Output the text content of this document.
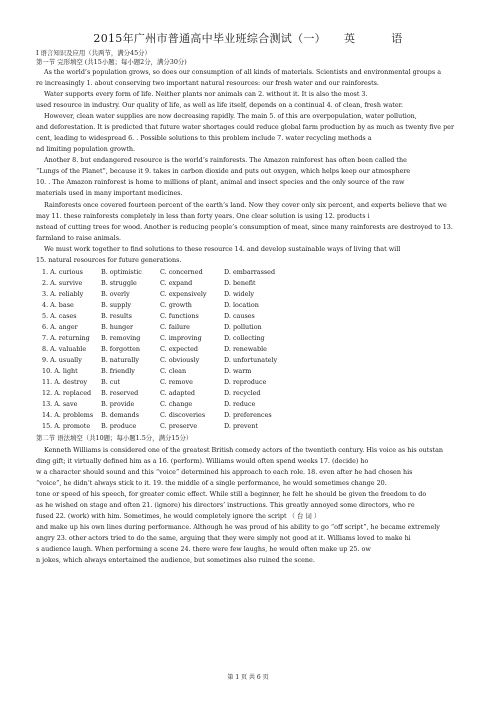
2015年广州市普通高中毕业班综合测试（一） 英	语
I 语言知识及应用（共两节，满分45分）
第一节 完形填空 (共15小题；每小题2分，满分30分)
As the world’s population grows, so does our consumption of all kinds of materials. Scientists and environmental groups a
re increasingly 1. about conserving two important natural resources: our fresh water and our rainforests.
Water supports every form of life. Neither plants nor animals can 2. without it. It is also the most 3.
used resource in industry. Our quality of life, as well as life itself, depends on a continual 4. of clean, fresh water.
However, clean water supplies are now decreasing rapidly. The main 5. of this are overpopulation, water pollution,
and deforestation. It is predicted that future water shortages could reduce global farm production by as much as twenty five per
cent, leading to widespread 6. . Possible solutions to this problem include 7. water recycling methods a
nd limiting population growth.
Another 8. but endangered resource is the world’s rainforests. The Amazon rainforest has often been called the
“Lungs of the Planet”, because it 9. takes in carbon dioxide and puts out oxygen, which helps keep our atmosphere
10. . The Amazon rainforest is home to millions of plant, animal and insect species and the only source of the raw
materials used in many important medicines.
Rainforests once covered fourteen percent of the earth’s land. Now they cover only six percent, and experts believe that we
may 11. these rainforests completely in less than forty years. One clear solution is using 12. products i
nstead of cutting trees for wood. Another is reducing people’s consumption of meat, since many rainforests are destroyed to 13.
farmland to raise animals.
We must work together to find solutions to these resource 14. and develop sustainable ways of living that will
15. natural resources for future generations.
1. A. curious	B. optimistic	C. concerned	D. embarrassed
2. A. survive	B. struggle	C. expand	D. benefit
3. A. reliably	B. overly	C. expensively	D. widely
4. A. base	B. supply	C. growth	D. location
5. A. cases	B. results	C. functions	D. causes
6. A. anger	B. hunger	C. failure	D. pollution
7. A. returning B. removing	C. improving	D. collecting
8. A. valuable B. forgotten	C. expected	D. renewable
9. A. usually	B. naturally	C. obviously	D. unfortunately
10. A. light	B. friendly	C. clean	D. warm
11. A. destroy B. cut	C. remove	D. reproduce
12. A. replaced B. reserved	C. adapted	D. recycled
13. A. save	B. provide	C. change	D. reduce
14. A. problems B. demands	C. discoveries	D. preferences
15. A. promote B. produce	C. preserve	D. prevent
第二节 语法填空（共10题；每小题1.5分，满分15分）
Kenneth Williams is considered one of the greatest British comedy actors of the twentieth century. His voice as his outstan
ding gift; it virtually defined him as a 16. (perform). Williams would often spend weeks 17. (decide) ho
w a character should sound and this “voice” determined his approach to each role. 18. even after he had chosen his
“voice”, he didn’t always stick to it. 19. the middle of a single performance, he would sometimes change 20.
tone or speed of his speech, for greater comic effect. While still a beginner, he felt he should be given the freedom to do
as he wished on stage and often 21. (ignore) his directors’ instructions. This greatly annoyed some directors, who re
fused 22. (work) with him. Sometimes, he would completely ignore the script （ 台 词 ）
and make up his own lines during performance. Although he was proud of his ability to go “off script”, he became extremely
angry 23. other actors tried to do the same, arguing that they were simply not good at it. Williams loved to make hi
s audience laugh. When performing a scene 24. there were few laughs, he would often make up 25. ow
n jokes, which always entertained the audience, but sometimes also ruined the scene.
第 1 页 共 6 页
